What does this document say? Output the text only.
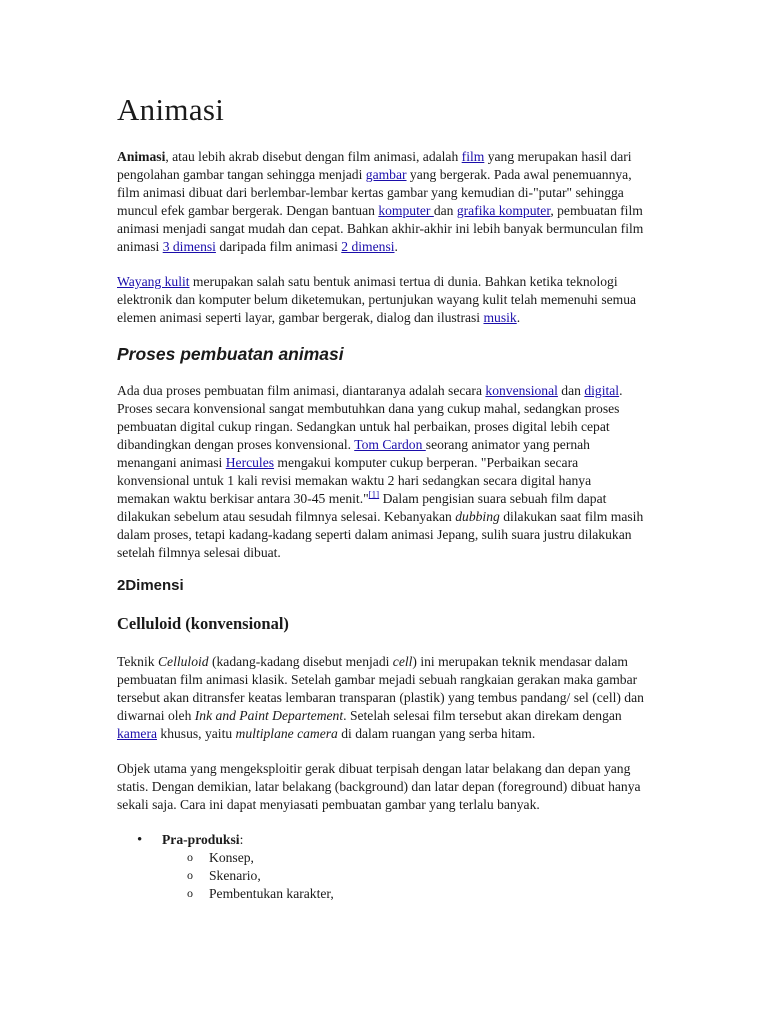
Animasi

Animasi, atau lebih akrab disebut dengan film animasi, adalah film yang merupakan hasil dari pengolahan gambar tangan sehingga menjadi gambar yang bergerak. Pada awal penemuannya, film animasi dibuat dari berlembar-lembar kertas gambar yang kemudian di-"putar" sehingga muncul efek gambar bergerak. Dengan bantuan komputer dan grafika komputer, pembuatan film animasi menjadi sangat mudah dan cepat. Bahkan akhir-akhir ini lebih banyak bermunculan film animasi 3 dimensi daripada film animasi 2 dimensi.

Wayang kulit merupakan salah satu bentuk animasi tertua di dunia. Bahkan ketika teknologi elektronik dan komputer belum diketemukan, pertunjukan wayang kulit telah memenuhi semua elemen animasi seperti layar, gambar bergerak, dialog dan ilustrasi musik.

Proses pembuatan animasi

Ada dua proses pembuatan film animasi, diantaranya adalah secara konvensional dan digital. Proses secara konvensional sangat membutuhkan dana yang cukup mahal, sedangkan proses pembuatan digital cukup ringan. Sedangkan untuk hal perbaikan, proses digital lebih cepat dibandingkan dengan proses konvensional. Tom Cardon seorang animator yang pernah menangani animasi Hercules mengakui komputer cukup berperan. "Perbaikan secara konvensional untuk 1 kali revisi memakan waktu 2 hari sedangkan secara digital hanya memakan waktu berkisar antara 30-45 menit."[1] Dalam pengisian suara sebuah film dapat dilakukan sebelum atau sesudah filmnya selesai. Kebanyakan dubbing dilakukan saat film masih dalam proses, tetapi kadang-kadang seperti dalam animasi Jepang, sulih suara justru dilakukan setelah filmnya selesai dibuat.

2Dimensi
Celluloid (konvensional)

Teknik Celluloid (kadang-kadang disebut menjadi cell) ini merupakan teknik mendasar dalam pembuatan film animasi klasik. Setelah gambar mejadi sebuah rangkaian gerakan maka gambar tersebut akan ditransfer keatas lembaran transparan (plastik) yang tembus pandang/ sel (cell) dan diwarnai oleh Ink and Paint Departement. Setelah selesai film tersebut akan direkam dengan kamera khusus, yaitu multiplane camera di dalam ruangan yang serba hitam.

Objek utama yang mengeksploitir gerak dibuat terpisah dengan latar belakang dan depan yang statis. Dengan demikian, latar belakang (background) dan latar depan (foreground) dibuat hanya sekali saja. Cara ini dapat menyiasati pembuatan gambar yang terlalu banyak.

• Pra-produksi:
o Konsep,
o Skenario,
o Pembentukan karakter,
